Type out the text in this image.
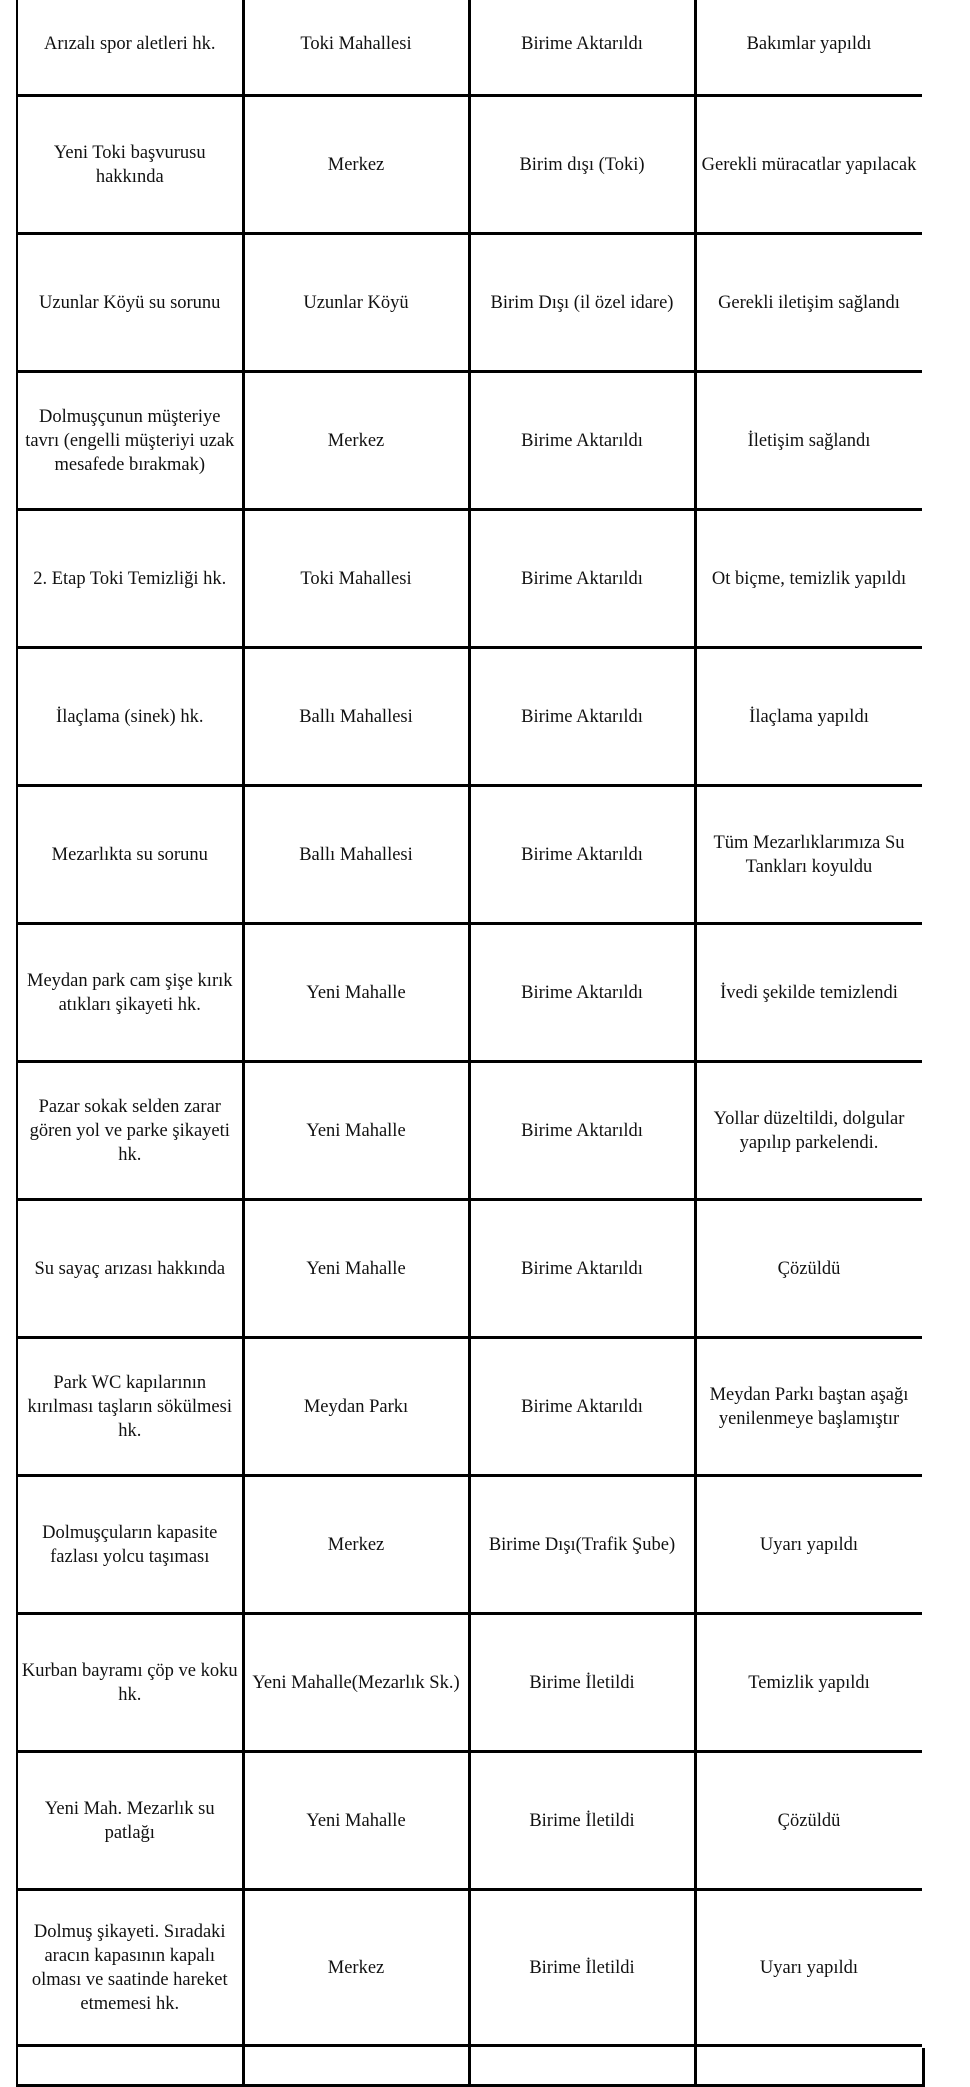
Arızalı spor aletleri hk.	Toki Mahallesi	Birime Aktarıldı	Bakımlar yapıldı
Yeni Toki başvurusu hakkında	Merkez	Birim dışı (Toki)	Gerekli müracatlar yapılacak
Uzunlar Köyü su sorunu	Uzunlar Köyü	Birim Dışı (il özel idare)	Gerekli iletişim sağlandı
Dolmuşçunun müşteriye tavrı (engelli müşteriyi uzak mesafede bırakmak)	Merkez	Birime Aktarıldı	İletişim sağlandı
2. Etap Toki Temizliği hk.	Toki Mahallesi	Birime Aktarıldı	Ot biçme, temizlik yapıldı
İlaçlama (sinek) hk.	Ballı Mahallesi	Birime Aktarıldı	İlaçlama yapıldı
Mezarlıkta su sorunu	Ballı Mahallesi	Birime Aktarıldı	Tüm Mezarlıklarımıza Su Tankları koyuldu
Meydan park cam şişe kırık atıkları şikayeti hk.	Yeni Mahalle	Birime Aktarıldı	İvedi şekilde temizlendi
Pazar sokak selden zarar gören yol ve parke şikayeti hk.	Yeni Mahalle	Birime Aktarıldı	Yollar düzeltildi, dolgular yapılıp parkelendi.
Su sayaç arızası hakkında	Yeni Mahalle	Birime Aktarıldı	Çözüldü
Park WC kapılarının kırılması taşların sökülmesi hk.	Meydan Parkı	Birime Aktarıldı	Meydan Parkı baştan aşağı yenilenmeye başlamıştır
Dolmuşçuların kapasite fazlası yolcu taşıması	Merkez	Birime Dışı(Trafik Şube)	Uyarı yapıldı
Kurban bayramı çöp ve koku hk.	Yeni Mahalle(Mezarlık Sk.)	Birime İletildi	Temizlik yapıldı
Yeni Mah. Mezarlık su patlağı	Yeni Mahalle	Birime İletildi	Çözüldü
Dolmuş şikayeti. Sıradaki aracın kapasının kapalı olması ve saatinde hareket etmemesi hk.	Merkez	Birime İletildi	Uyarı yapıldı
